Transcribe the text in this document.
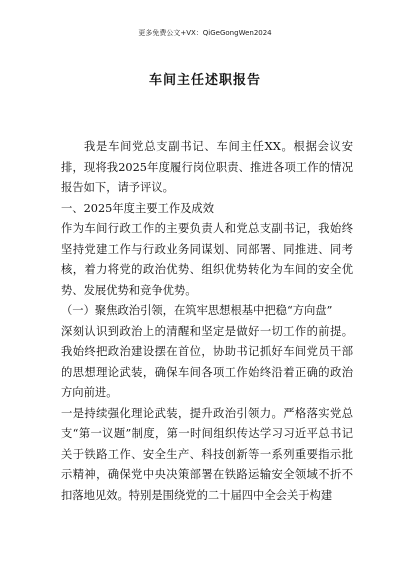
更多免费公文+VX：QiGeGongWen2024
车间主任述职报告

我是车间党总支副书记、车间主任XX。根据会议安排，现将我2025年度履行岗位职责、推进各项工作的情况报告如下，请予评议。

一、2025年度主要工作及成效

作为车间行政工作的主要负责人和党总支副书记，我始终坚持党建工作与行政业务同谋划、同部署、同推进、同考核，着力将党的政治优势、组织优势转化为车间的安全优势、发展优势和竞争优势。

（一）聚焦政治引领，在筑牢思想根基中把稳“方向盘”

深刻认识到政治上的清醒和坚定是做好一切工作的前提。我始终把政治建设摆在首位，协助书记抓好车间党员干部的思想理论武装，确保车间各项工作始终沿着正确的政治方向前进。

一是持续强化理论武装，提升政治引领力。严格落实党总支“第一议题”制度，第一时间组织传达学习习近平总书记关于铁路工作、安全生产、科技创新等一系列重要指示批示精神，确保党中央决策部署在铁路运输安全领域不折不扣落地见效。特别是围绕党的二十届四中全会关于构建
